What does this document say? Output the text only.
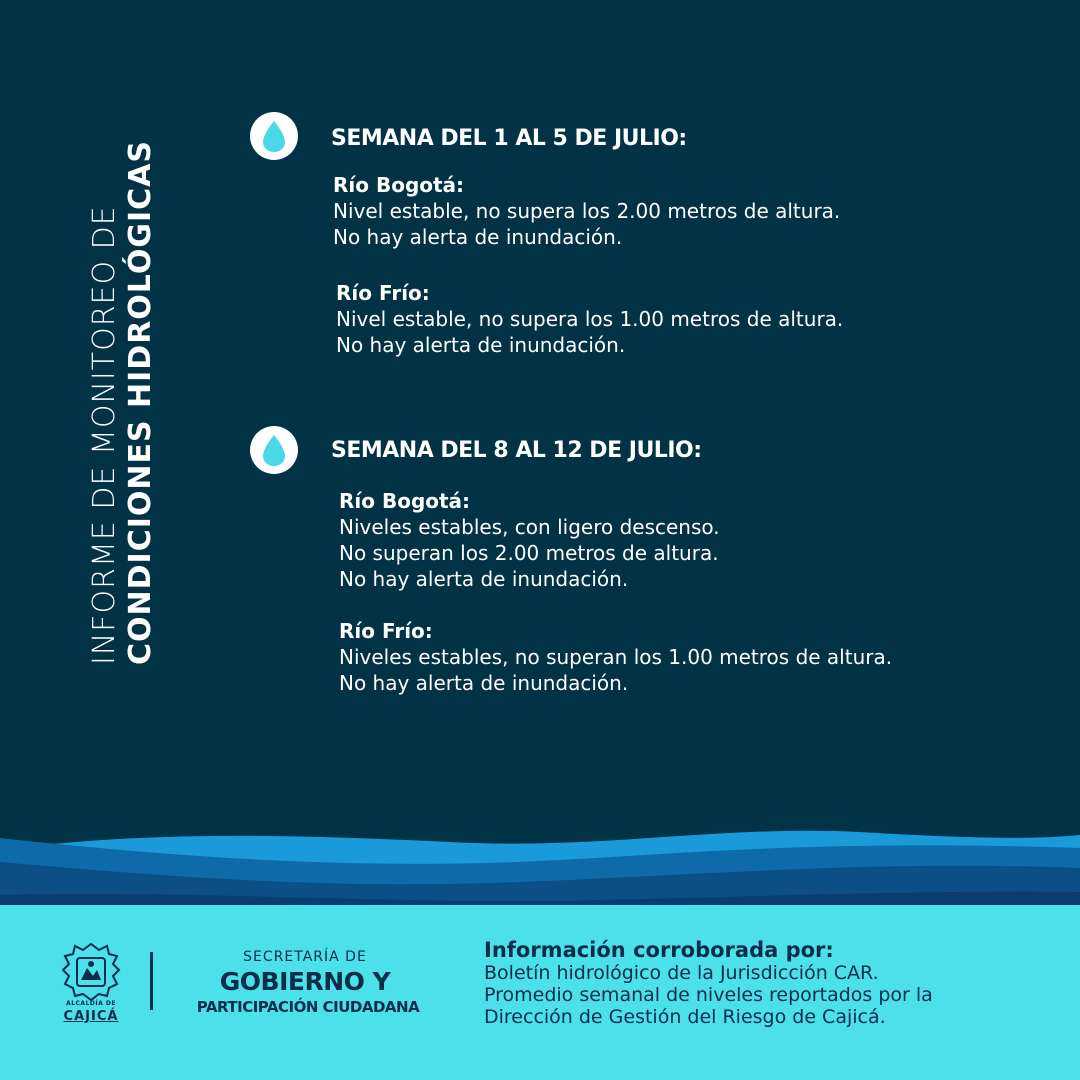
INFORME DE MONITOREO DE CONDICIONES HIDROLÓGICAS
SEMANA DEL 1 AL 5 DE JULIO:
Río Bogotá:
Nivel estable, no supera los 2.00 metros de altura.
No hay alerta de inundación.
Río Frío:
Nivel estable, no supera los 1.00 metros de altura.
No hay alerta de inundación.
SEMANA DEL 8 AL 12 DE JULIO:
Río Bogotá:
Niveles estables, con ligero descenso.
No superan los 2.00 metros de altura.
No hay alerta de inundación.
Río Frío:
Niveles estables, no superan los 1.00 metros de altura.
No hay alerta de inundación.
ALCALDÍA DE
CAJICÁ
SECRETARÍA DE
GOBIERNO Y
PARTICIPACIÓN CIUDADANA
Información corroborada por:
Boletín hidrológico de la Jurisdicción CAR.
Promedio semanal de niveles reportados por la
Dirección de Gestión del Riesgo de Cajicá.
